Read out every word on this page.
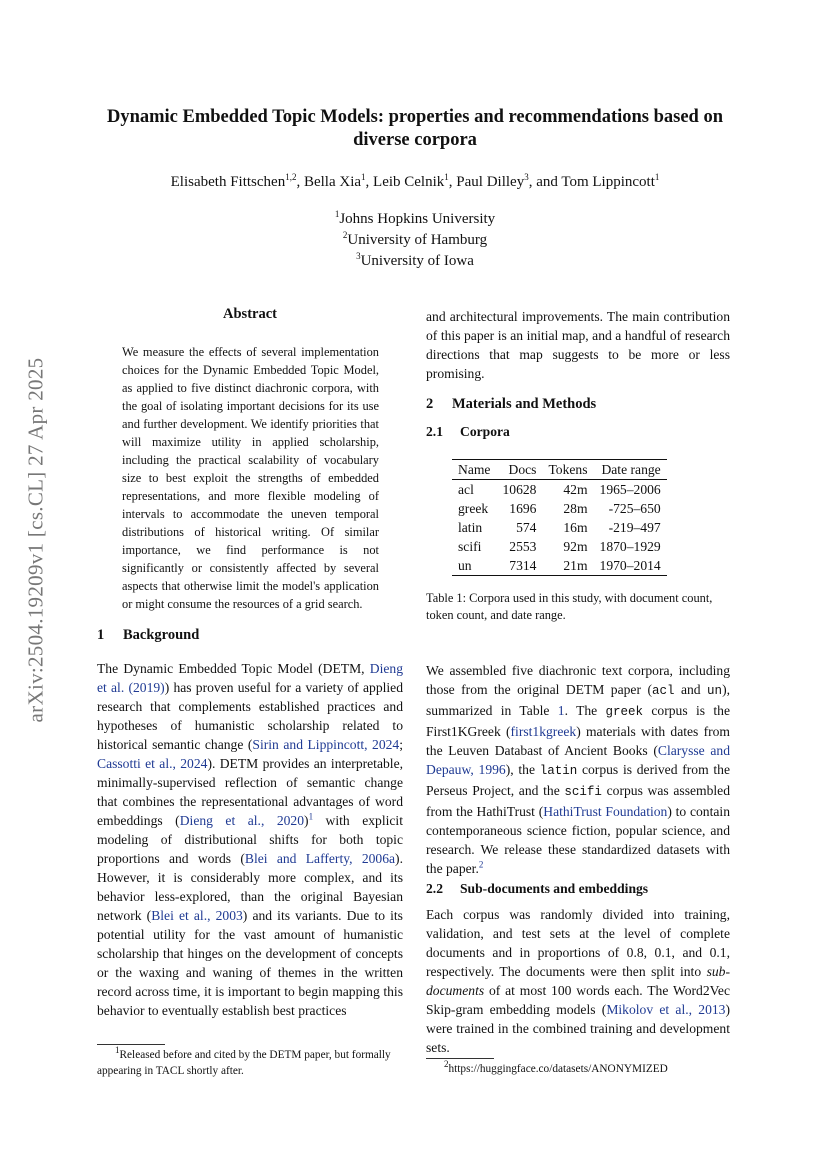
arXiv:2504.19209v1 [cs.CL] 27 Apr 2025
Dynamic Embedded Topic Models: properties and recommendations based on diverse corpora
Elisabeth Fittschen$^{1,2}$, Bella Xia$^1$, Leib Celnik$^1$, Paul Dilley$^3$, and Tom Lippincott$^1$
$^1$Johns Hopkins University
$^2$University of Hamburg
$^3$University of Iowa
Abstract
We measure the effects of several implementation choices for the Dynamic Embedded Topic Model, as applied to five distinct diachronic corpora, with the goal of isolating important decisions for its use and further development. We identify priorities that will maximize utility in applied scholarship, including the practical scalability of vocabulary size to best exploit the strengths of embedded representations, and more flexible modeling of intervals to accommodate the uneven temporal distributions of historical writing. Of similar importance, we find performance is not significantly or consistently affected by several aspects that otherwise limit the model's application or might consume the resources of a grid search.
1 Background

The Dynamic Embedded Topic Model (DETM, Dieng et al. (2019)) has proven useful for a variety of applied research that complements established practices and hypotheses of humanistic scholarship related to historical semantic change (Sirin and Lippincott, 2024; Cassotti et al., 2024). DETM provides an interpretable, minimally-supervised reflection of semantic change that combines the representational advantages of word embeddings (Dieng et al., 2020)$^1$ with explicit modeling of distributional shifts for both topic proportions and words (Blei and Lafferty, 2006a). However, it is considerably more complex, and its behavior less-explored, than the original Bayesian network (Blei et al., 2003) and its variants. Due to its potential utility for the vast amount of humanistic scholarship that hinges on the development of concepts or the waxing and waning of themes in the written record across time, it is important to begin mapping this behavior to eventually establish best practices

$^1$Released before and cited by the DETM paper, but formally appearing in TACL shortly after.
and architectural improvements. The main contribution of this paper is an initial map, and a handful of research directions that map suggests to be more or less promising.
2 Materials and Methods
2.1 Corpora
Name	Docs	Tokens	Date range
acl	10628	42m	1965–2006
greek	1696	28m	-725–650
latin	574	16m	-219–497
scifi	2553	92m	1870–1929
un	7314	21m	1970–2014
Table 1: Corpora used in this study, with document count, token count, and date range.

We assembled five diachronic text corpora, including those from the original DETM paper (acl and un), summarized in Table 1. The greek corpus is the First1KGreek (first1kgreek) materials with dates from the Leuven Databast of Ancient Books (Clarysse and Depauw, 1996), the latin corpus is derived from the Perseus Project, and the scifi corpus was assembled from the HathiTrust (HathiTrust Foundation) to contain contemporaneous science fiction, popular science, and research. We release these standardized datasets with the paper.$^2$

2.2 Sub-documents and embeddings

Each corpus was randomly divided into training, validation, and test sets at the level of complete documents and in proportions of 0.8, 0.1, and 0.1, respectively. The documents were then split into sub-documents of at most 100 words each. The Word2Vec Skip-gram embedding models (Mikolov et al., 2013) were trained in the combined training and development sets.

$^2$https://huggingface.co/datasets/ANONYMIZED
